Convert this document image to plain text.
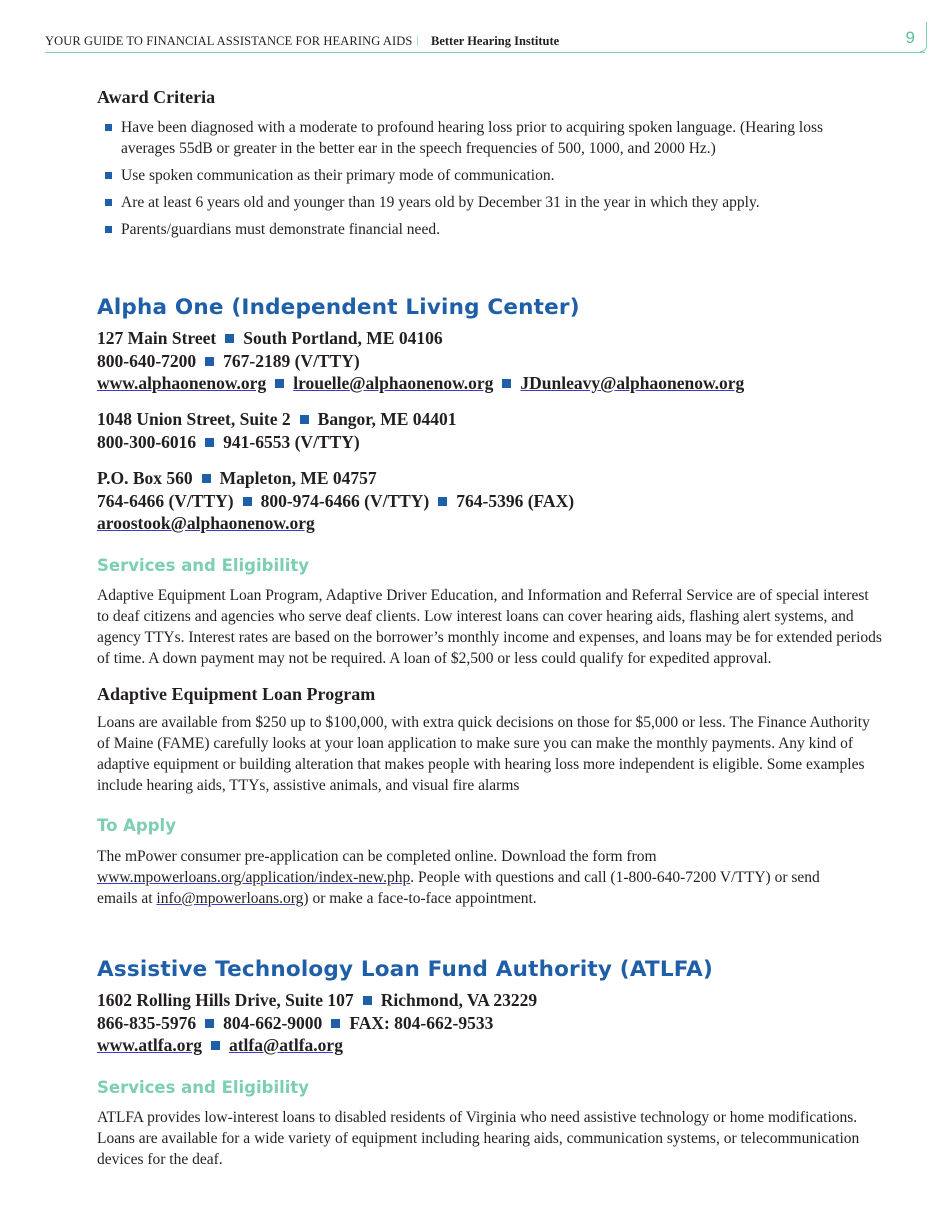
YOUR GUIDE TO FINANCIAL ASSISTANCE FOR HEARING AIDS | Better Hearing Institute	9
Award Criteria
Have been diagnosed with a moderate to profound hearing loss prior to acquiring spoken language. (Hearing loss averages 55dB or greater in the better ear in the speech frequencies of 500, 1000, and 2000 Hz.)
Use spoken communication as their primary mode of communication.
Are at least 6 years old and younger than 19 years old by December 31 in the year in which they apply.
Parents/guardians must demonstrate financial need.
Alpha One (Independent Living Center)
127 Main Street South Portland, ME 04106
800-640-7200 767-2189 (V/TTY)
www.alphaonenow.org lrouelle@alphaonenow.org JDunleavy@alphaonenow.org
1048 Union Street, Suite 2 Bangor, ME 04401
800-300-6016 941-6553 (V/TTY)
P.O. Box 560 Mapleton, ME 04757
764-6466 (V/TTY) 800-974-6466 (V/TTY) 764-5396 (FAX)
aroostook@alphaonenow.org
Services and Eligibility
Adaptive Equipment Loan Program, Adaptive Driver Education, and Information and Referral Service are of special interest to deaf citizens and agencies who serve deaf clients. Low interest loans can cover hearing aids, flashing alert systems, and agency TTYs. Interest rates are based on the borrower’s monthly income and expenses, and loans may be for extended periods of time. A down payment may not be required. A loan of $2,500 or less could qualify for expedited approval.
Adaptive Equipment Loan Program
Loans are available from $250 up to $100,000, with extra quick decisions on those for $5,000 or less. The Finance Authority of Maine (FAME) carefully looks at your loan application to make sure you can make the monthly payments. Any kind of adaptive equipment or building alteration that makes people with hearing loss more independent is eligible. Some examples include hearing aids, TTYs, assistive animals, and visual fire alarms
To Apply
The mPower consumer pre-application can be completed online. Download the form from
www.mpowerloans.org/application/index-new.php. People with questions and call (1-800-640-7200 V/TTY) or send emails at info@mpowerloans.org) or make a face-to-face appointment.
Assistive Technology Loan Fund Authority (ATLFA)
1602 Rolling Hills Drive, Suite 107 Richmond, VA 23229
866-835-5976 804-662-9000 FAX: 804-662-9533
www.atlfa.org atlfa@atlfa.org
Services and Eligibility
ATLFA provides low-interest loans to disabled residents of Virginia who need assistive technology or home modifications. Loans are available for a wide variety of equipment including hearing aids, communication systems, or telecommunication devices for the deaf.
